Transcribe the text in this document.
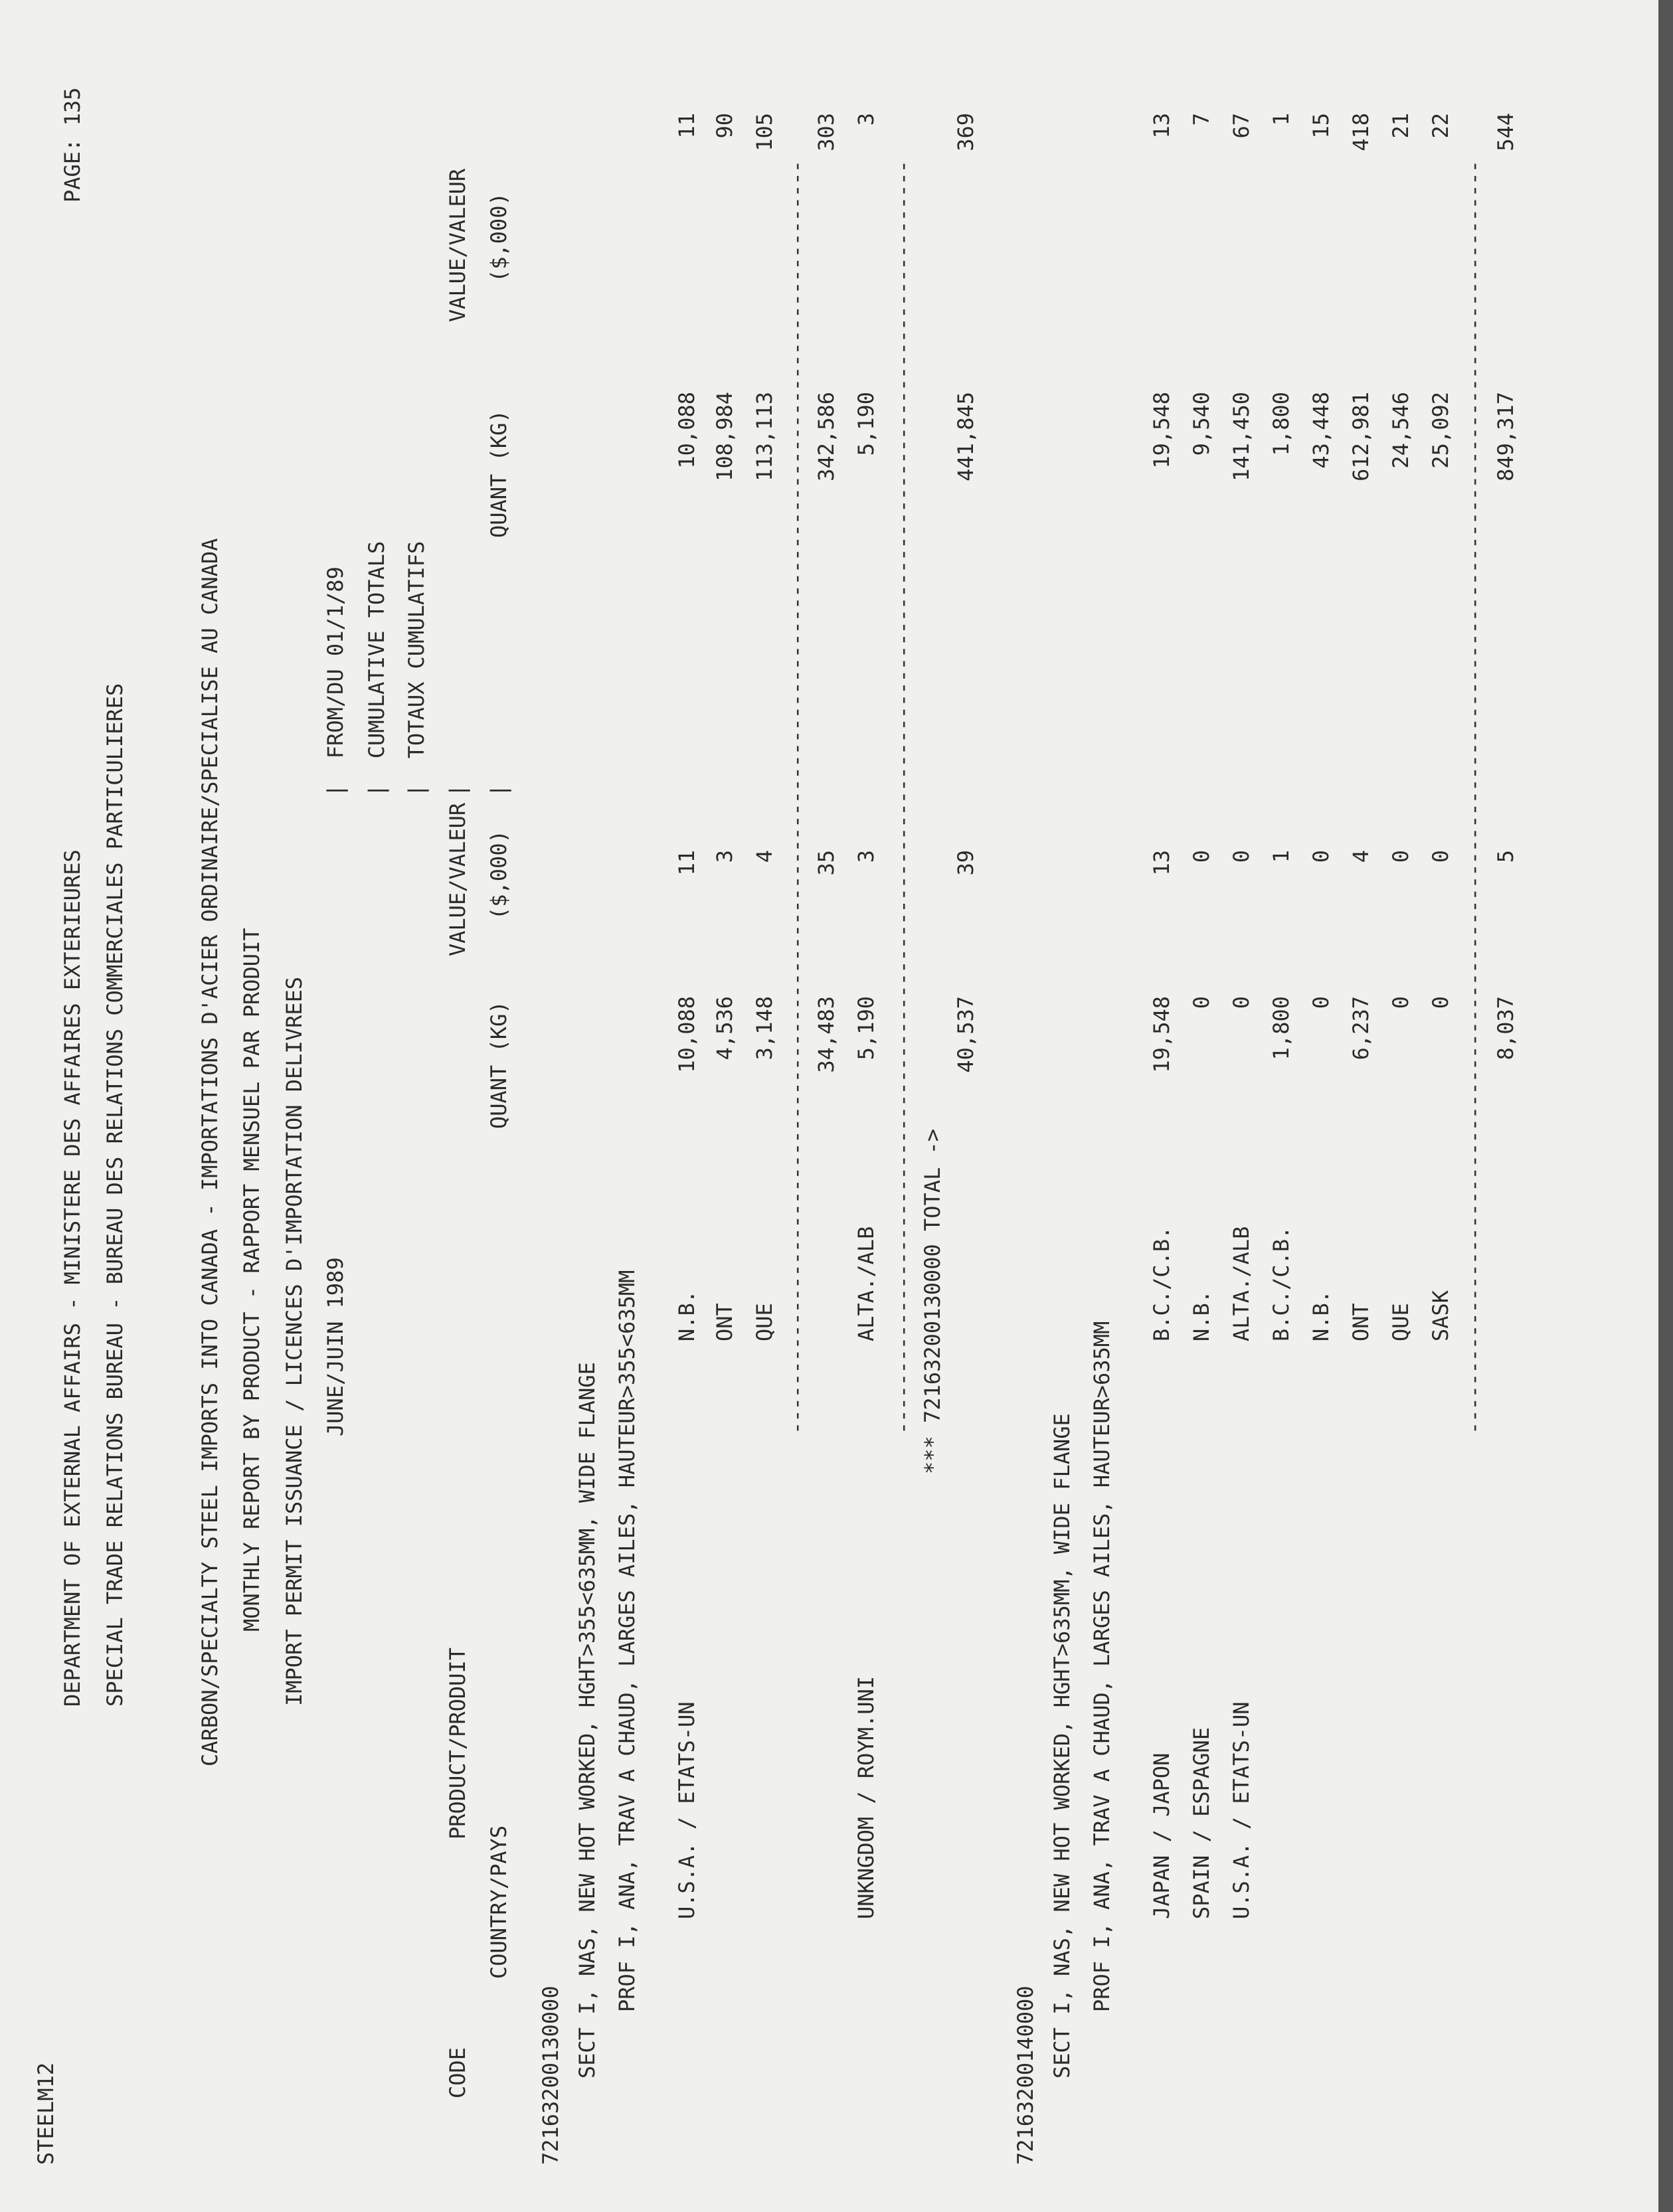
STEELM12
DEPARTMENT OF EXTERNAL AFFAIRS - MINISTERE DES AFFAIRES EXTERIEURES
PAGE: 135
SPECIAL TRADE RELATIONS BUREAU - BUREAU DES RELATIONS COMMERCIALES PARTICULIERES	CARBON/SPECIALTY STEEL IMPORTS INTO CANADA - IMPORTATIONS D'ACIER ORDINAIRE/SPECIALISE AU CANADA MONTHLY REPORT BY PRODUCT - RAPPORT MENSUEL PAR PRODUIT IMPORT PERMIT ISSUANCE / LICENCES D'IMPORTATION DELIVREES JUNE/JUIN 1989
|  FROM/DU 01/1/89
|  CUMULATIVE TOTALS
|  TOTAUX CUMULATIFS
VALUE/VALEUR
|
VALUE/VALEUR
PRODUCT/PRODUIT
CODE
COUNTRY/PAYS
QUANT (KG)
($,000)
|
QUANT (KG)
($,000)
72163200130000 SECT I, NAS, NEW HOT WORKED, HGHT>355<635MM, WIDE FLANGE PROF I, ANA, TRAV A CHAUD, LARGES AILES, HAUTEUR>355<635MM U.S.A. / ETATS-UN
N.B.
10,088
11
10,088
11
ONT
4,536
3
108,984
90
QUE
3,148
4
113,113
105
--------------------------------------------------------------------------------------------------------- 34,483
35
342,586
303
UNKNGDOM / ROYM.UNI
ALTA./ALB
5,190
3
5,190
3
--------------------------------------------------------------------------------------------------------- *** 72163200130000 TOTAL ->
40,537
39
441,845
369
72163200140000 SECT I, NAS, NEW HOT WORKED, HGHT>635MM, WIDE FLANGE PROF I, ANA, TRAV A CHAUD, LARGES AILES, HAUTEUR>635MM JAPAN / JAPON
B.C./C.B.
19,548
13
19,548
13
SPAIN / ESPAGNE
N.B.
0
0
9,540
7
U.S.A. / ETATS-UN
ALTA./ALB
0
0
141,450
67
B.C./C.B.
1,800
1
1,800
1
N.B.
0
0
43,448
15
ONT
6,237
4
612,981
418
QUE
0
0
24,546
21
SASK
0
0
25,092
22
--------------------------------------------------------------------------------------------------------- 8,037
5
849,317
544
